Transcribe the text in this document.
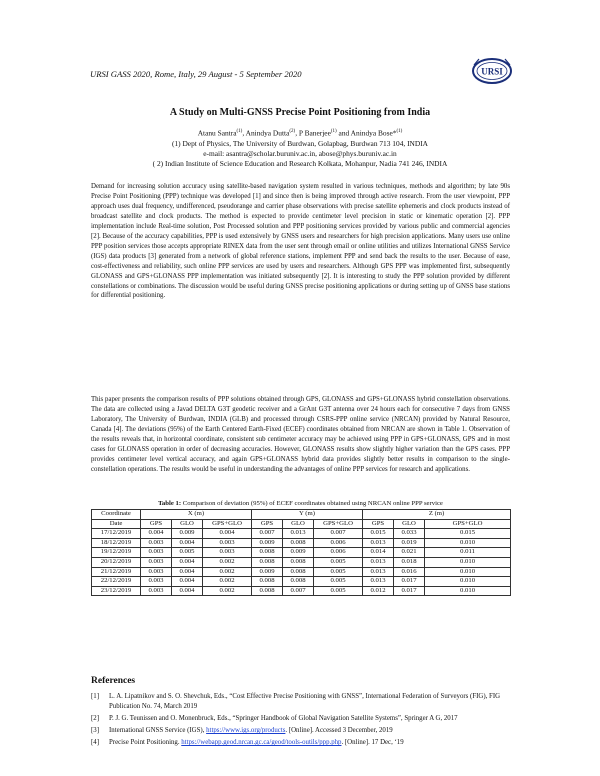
URSI GASS 2020, Rome, Italy, 29 August - 5 September 2020	URSI
A Study on Multi-GNSS Precise Point Positioning from India
Atanu Santra$^{(1)}$, Anindya Dutta$^{(2)}$, P Banerjee$^{(1)}$ and Anindya Bose*$^{(1)}$
(1) Dept of Physics, The University of Burdwan, Golapbag, Burdwan 713 104, INDIA
e-mail: asantra@scholar.buruniv.ac.in, abose@phys.buruniv.ac.in
( 2) Indian Institute of Science Education and Research Kolkata, Mohanpur, Nadia 741 246, INDIA

Demand for increasing solution accuracy using satellite-based navigation system resulted in various techniques, methods and algorithm; by late 90s Precise Point Positioning (PPP) technique was developed [1] and since then is being improved through active research. From the user viewpoint, PPP approach uses dual frequency, undifferenced, pseudorange and carrier phase observations with precise satellite ephemeris and clock products instead of broadcast satellite and clock products. The method is expected to provide centimeter level precision in static or kinematic operation [2]. PPP implementation include Real-time solution, Post Processed solution and PPP positioning services provided by various public and commercial agencies [2]. Because of the accuracy capabilities, PPP is used extensively by GNSS users and researchers for high precision applications. Many users use online PPP position services those accepts appropriate RINEX data from the user sent through email or online utilities and utilizes International GNSS Service (IGS) data products [3] generated from a network of global reference stations, implement PPP and send back the results to the user. Because of ease, cost-effectiveness and reliability, such online PPP services are used by users and researchers. Although GPS PPP was implemented first, subsequently GLONASS and GPS+GLONASS PPP implementation was initiated subsequently [2]. It is interesting to study the PPP solution provided by different constellations or combinations. The discussion would be useful during GNSS precise positioning applications or during setting up of GNSS base stations for differential positioning.

This paper presents the comparison results of PPP solutions obtained through GPS, GLONASS and GPS+GLONASS hybrid constellation observations. The data are collected using a Javad DELTA G3T geodetic receiver and a GrAnt G3T antenna over 24 hours each for consecutive 7 days from GNSS Laboratory, The University of Burdwan, INDIA (GLB) and processed through CSRS-PPP online service (NRCAN) provided by Natural Resource, Canada [4]. The deviations (95%) of the Earth Centered Earth-Fixed (ECEF) coordinates obtained from NRCAN are shown in Table 1. Observation of the results reveals that, in horizontal coordinate, consistent sub centimeter accuracy may be achieved using PPP in GPS+GLONASS, GPS and in most cases for GLONASS operation in order of decreasing accuracies. However, GLONASS results show slightly higher variation than the GPS cases. PPP provides centimeter level vertical accuracy, and again GPS+GLONASS hybrid data provides slightly better results in comparison to the single-constellation operations. The results would be useful in understanding the advantages of online PPP services for research and applications.

Table 1: Comparison of deviation (95%) of ECEF coordinates obtained using NRCAN online PPP service
Coordinate	X (m)			Y (m)			Z (m)		
Date	GPS	GLO	GPS+GLO	GPS	GLO	GPS+GLO	GPS	GLO	GPS+GLO
17/12/2019	0.004	0.009	0.004	0.007	0.013	0.007	0.015	0.033	0.015
18/12/2019	0.003	0.004	0.003	0.009	0.008	0.006	0.013	0.019	0.010
19/12/2019	0.003	0.005	0.003	0.008	0.009	0.006	0.014	0.021	0.011
20/12/2019	0.003	0.004	0.002	0.008	0.008	0.005	0.013	0.018	0.010
21/12/2019	0.003	0.004	0.002	0.009	0.008	0.005	0.013	0.016	0.010
22/12/2019	0.003	0.004	0.002	0.008	0.008	0.005	0.013	0.017	0.010
23/12/2019	0.003	0.004	0.002	0.008	0.007	0.005	0.012	0.017	0.010
References
[1] L. A. Lipatnikov and S. O. Shevchuk, Eds., “Cost Effective Precise Positioning with GNSS”, International Federation of Surveyors (FIG), FIG Publication No. 74, March 2019
[2] P. J. G. Teunissen and O. Monenbruck, Eds., “Springer Handbook of Global Navigation Satellite Systems”, Springer A G, 2017
[3] International GNSS Service (IGS), https://www.igs.org/products. [Online]. Accessed 3 December, 2019
[4] Precise Point Positioning. https://webapp.geod.nrcan.gc.ca/geod/tools-outils/ppp.php. [Online]. 17 Dec, ‘19
